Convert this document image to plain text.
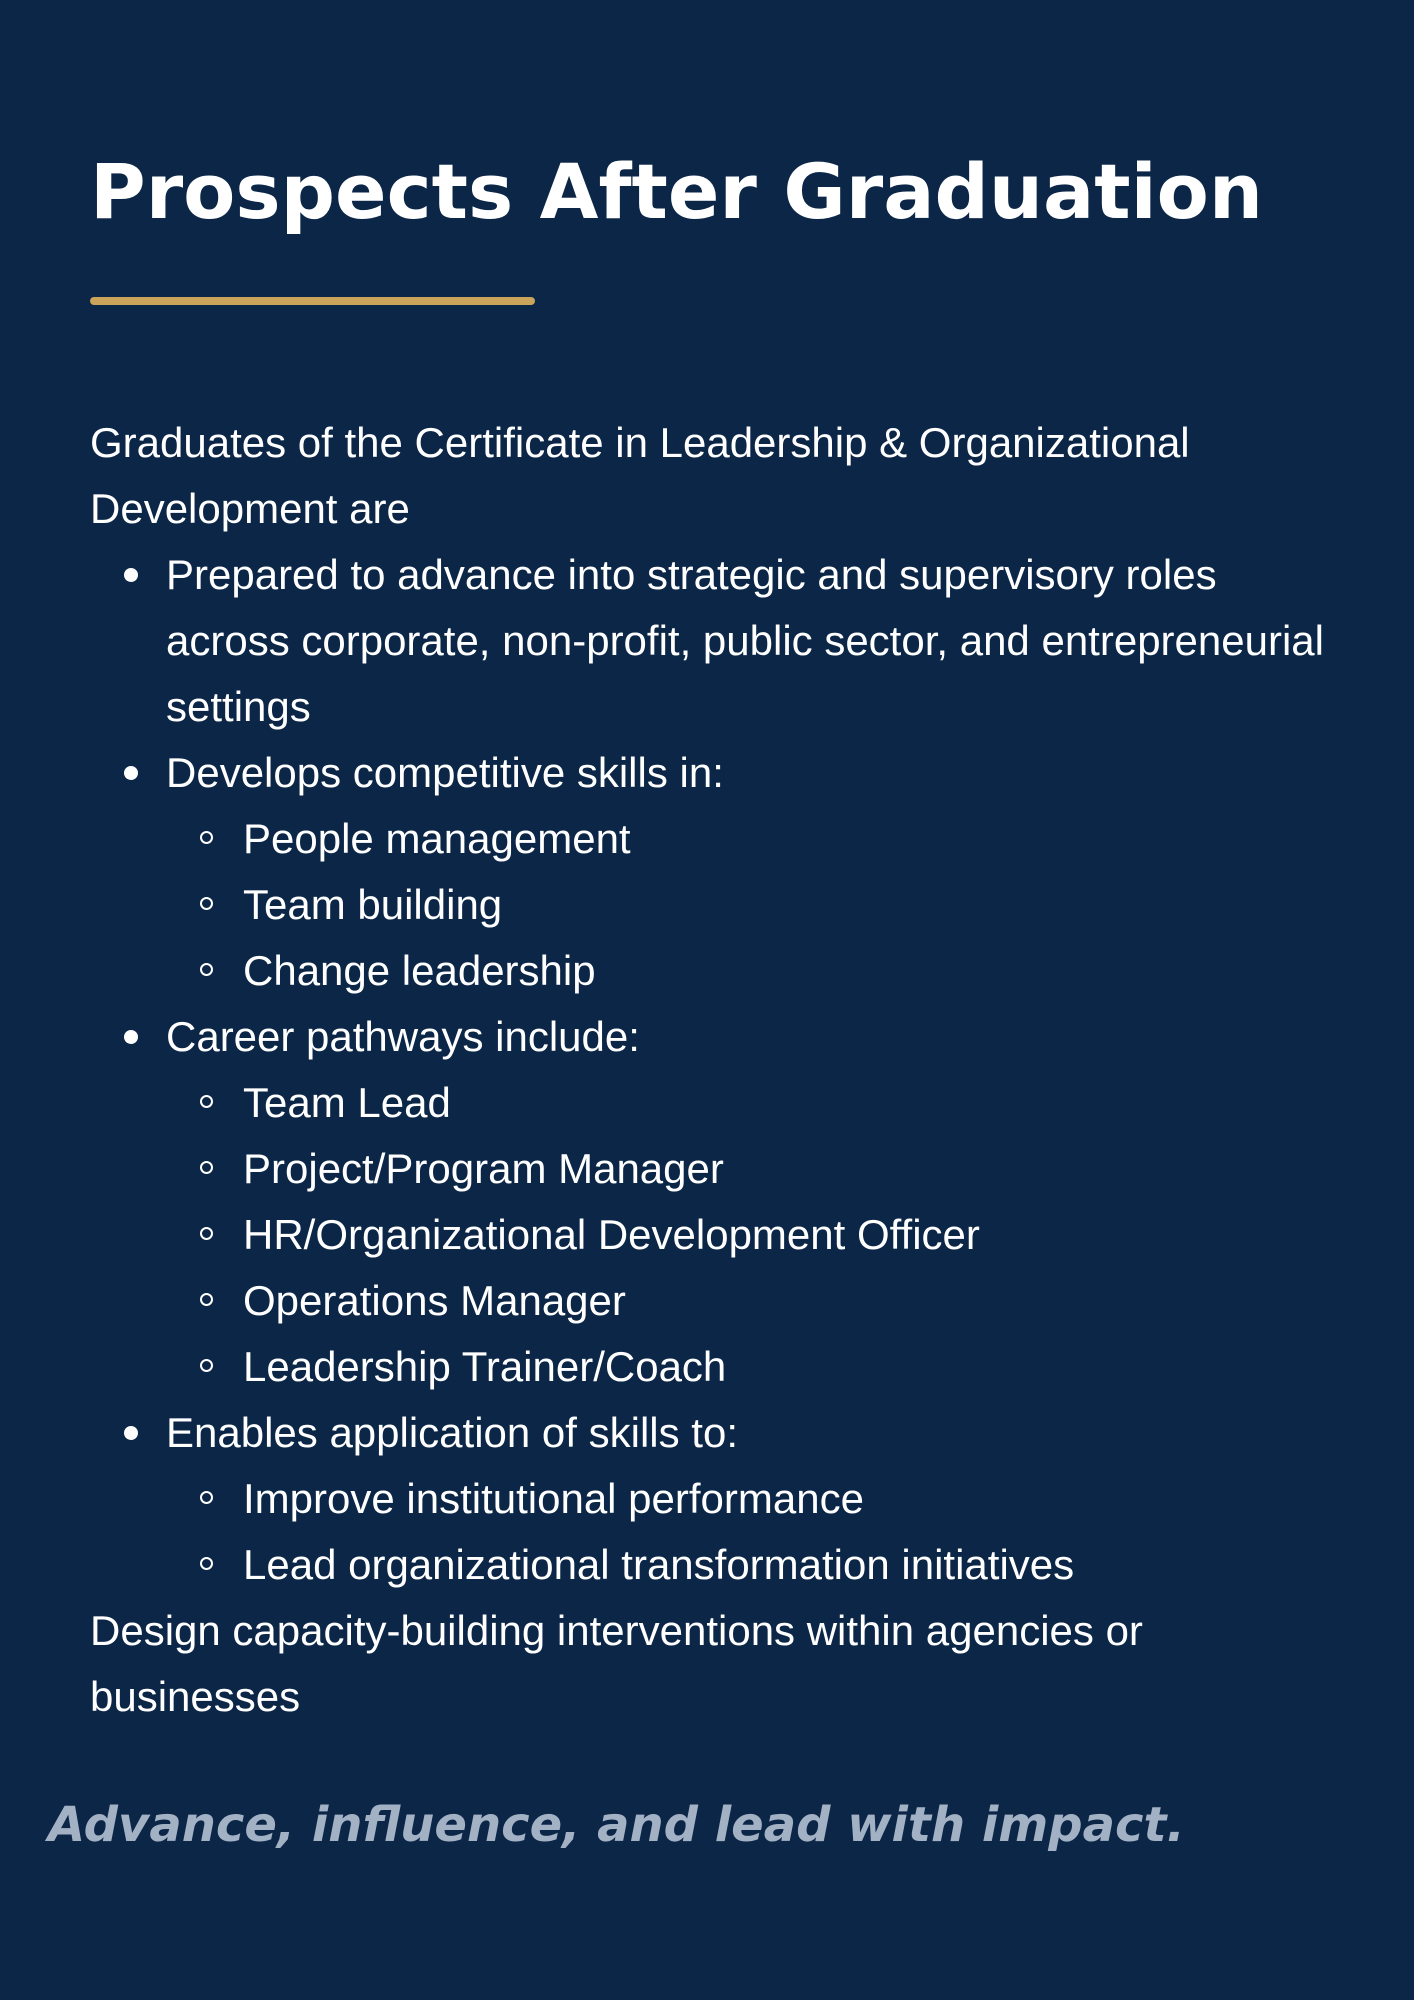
Prospects After Graduation

Graduates of the Certificate in Leadership & Organizational Development are

Prepared to advance into strategic and supervisory roles across corporate, non-profit, public sector, and entrepreneurial settings
Develops competitive skills in:
People management
Team building
Change leadership
Career pathways include:
Team Lead
Project/Program Manager
HR/Organizational Development Officer
Operations Manager
Leadership Trainer/Coach
Enables application of skills to:
Improve institutional performance
Lead organizational transformation initiatives

Design capacity-building interventions within agencies or businesses

Advance, influence, and lead with impact.
